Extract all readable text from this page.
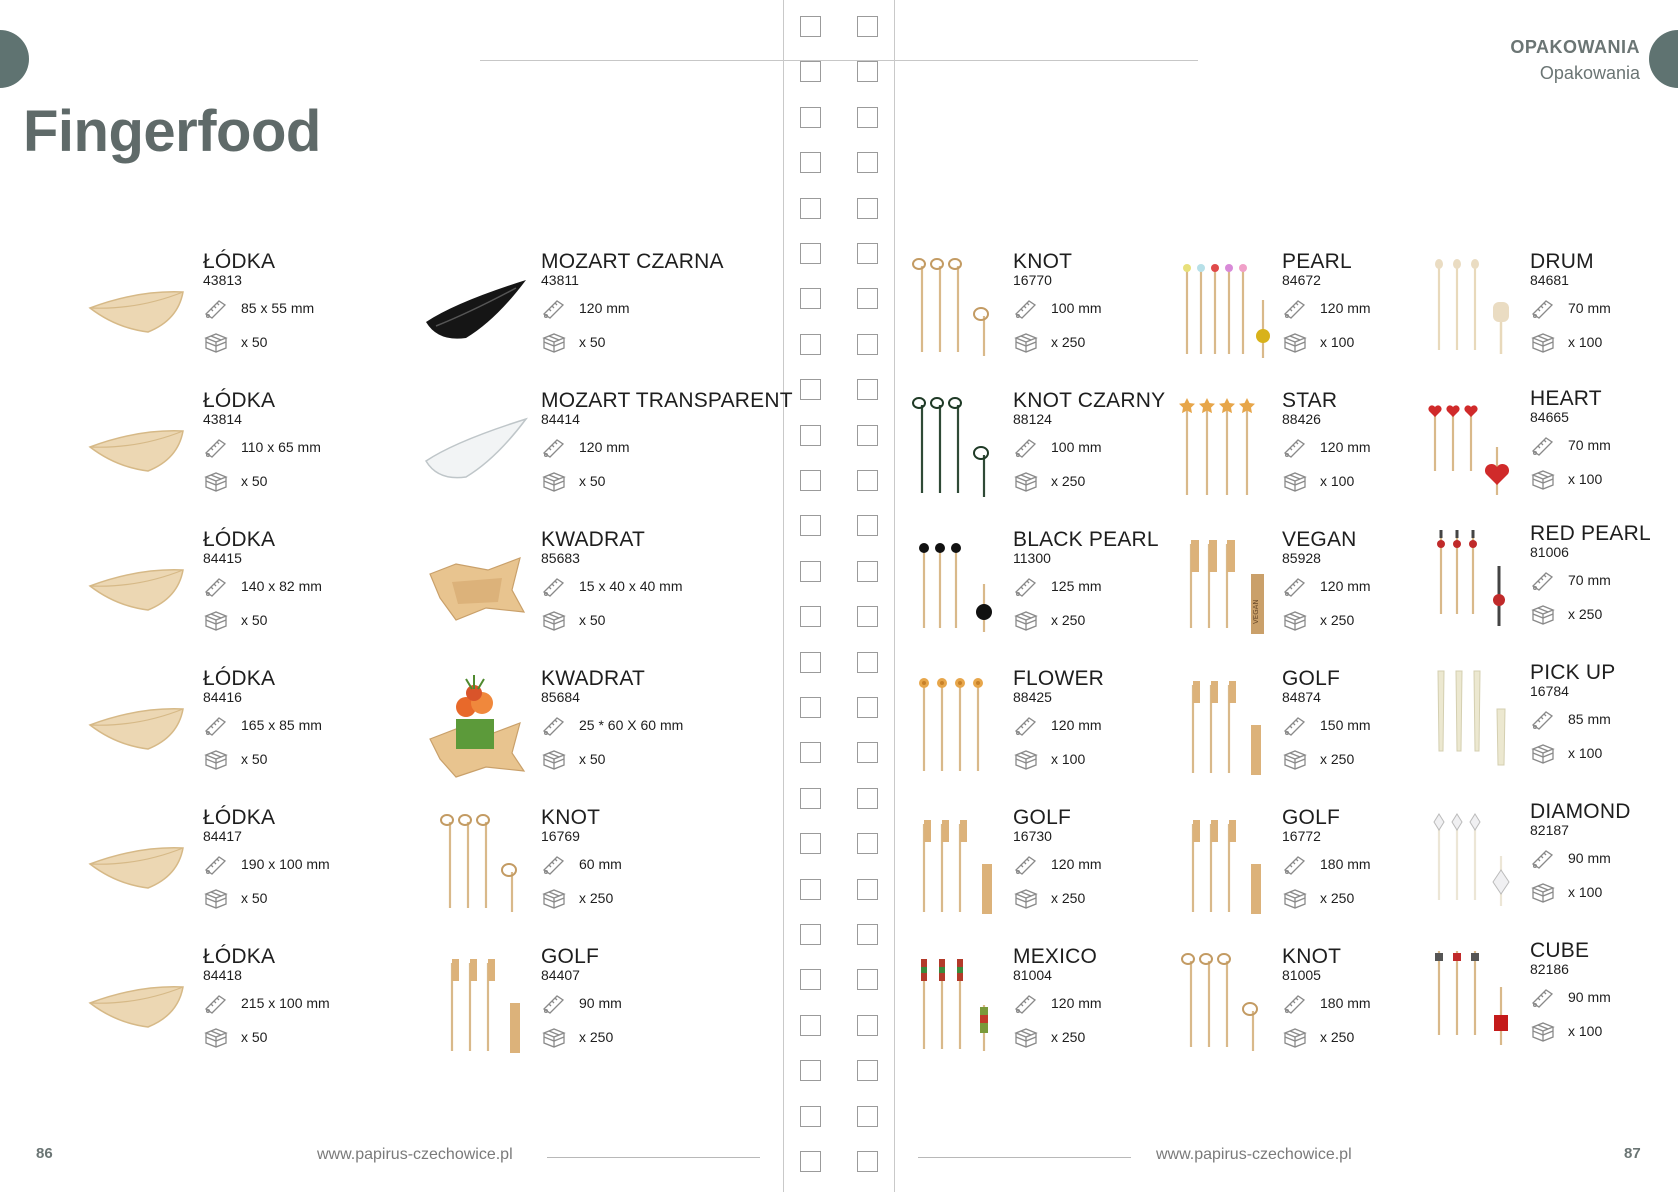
Fingerfood
OPAKOWANIA
Opakowania
ŁÓDKA
43813
85 x 55 mm
x 50
ŁÓDKA
43814
110 x 65 mm
x 50
ŁÓDKA
84415
140 x 82 mm
x 50
ŁÓDKA
84416
165 x 85 mm
x 50
ŁÓDKA
84417
190 x 100 mm
x 50
ŁÓDKA
84418
215 x 100 mm
x 50
MOZART CZARNA
43811
120 mm
x 50
MOZART TRANSPARENT
84414
120 mm
x 50
KWADRAT
85683
15 x 40 x 40 mm
x 50
KWADRAT
85684
25 * 60 X 60 mm
x 50
KNOT
16769
60 mm
x 250
GOLF
84407
90 mm
x 250
KNOT
16770
100 mm
x 250
KNOT CZARNY
88124
100 mm
x 250
BLACK PEARL
11300
125 mm
x 250
FLOWER
88425
120 mm
x 100
GOLF
16730
120 mm
x 250
MEXICO
81004
120 mm
x 250
PEARL
84672
120 mm
x 100
STAR
88426
120 mm
x 100
VEGAN
VEGAN
85928
120 mm
x 250
GOLF
84874
150 mm
x 250
GOLF
16772
180 mm
x 250
KNOT
81005
180 mm
x 250
DRUM
84681
70 mm
x 100
HEART
84665
70 mm
x 100
RED PEARL
81006
70 mm
x 250
PICK UP
16784
85 mm
x 100
DIAMOND
82187
90 mm
x 100
CUBE
82186
90 mm
x 100
86	www.papirus-czechowice.pl	www.papirus-czechowice.pl	87
